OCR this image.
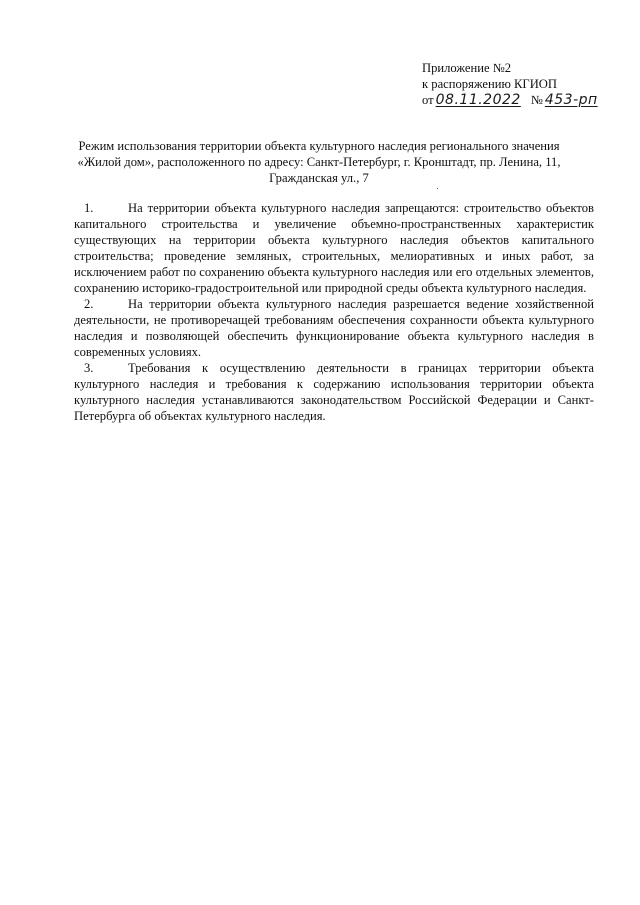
Приложение №2
к распоряжению КГИОП
от 08.11.2022 № 453-рп
Режим использования территории объекта культурного наследия регионального значения
«Жилой дом», расположенного по адресу: Санкт-Петербург, г. Кронштадт, пр. Ленина, 11,
Гражданская ул., 7

1.	На территории объекта культурного наследия запрещаются: строительство объектов капитального строительства и увеличение объемно-пространственных характеристик существующих на территории объекта культурного наследия объектов капитального строительства; проведение земляных, строительных, мелиоративных и иных работ, за исключением работ по сохранению объекта культурного наследия или его отдельных элементов, сохранению историко-градостроительной или природной среды объекта культурного наследия.

2.	На территории объекта культурного наследия разрешается ведение хозяйственной деятельности, не противоречащей требованиям обеспечения сохранности объекта культурного наследия и позволяющей обеспечить функционирование объекта культурного наследия в современных условиях.

3.	Требования к осуществлению деятельности в границах территории объекта культурного наследия и требования к содержанию использования территории объекта культурного наследия устанавливаются законодательством Российской Федерации и Санкт-Петербурга об объектах культурного наследия.
